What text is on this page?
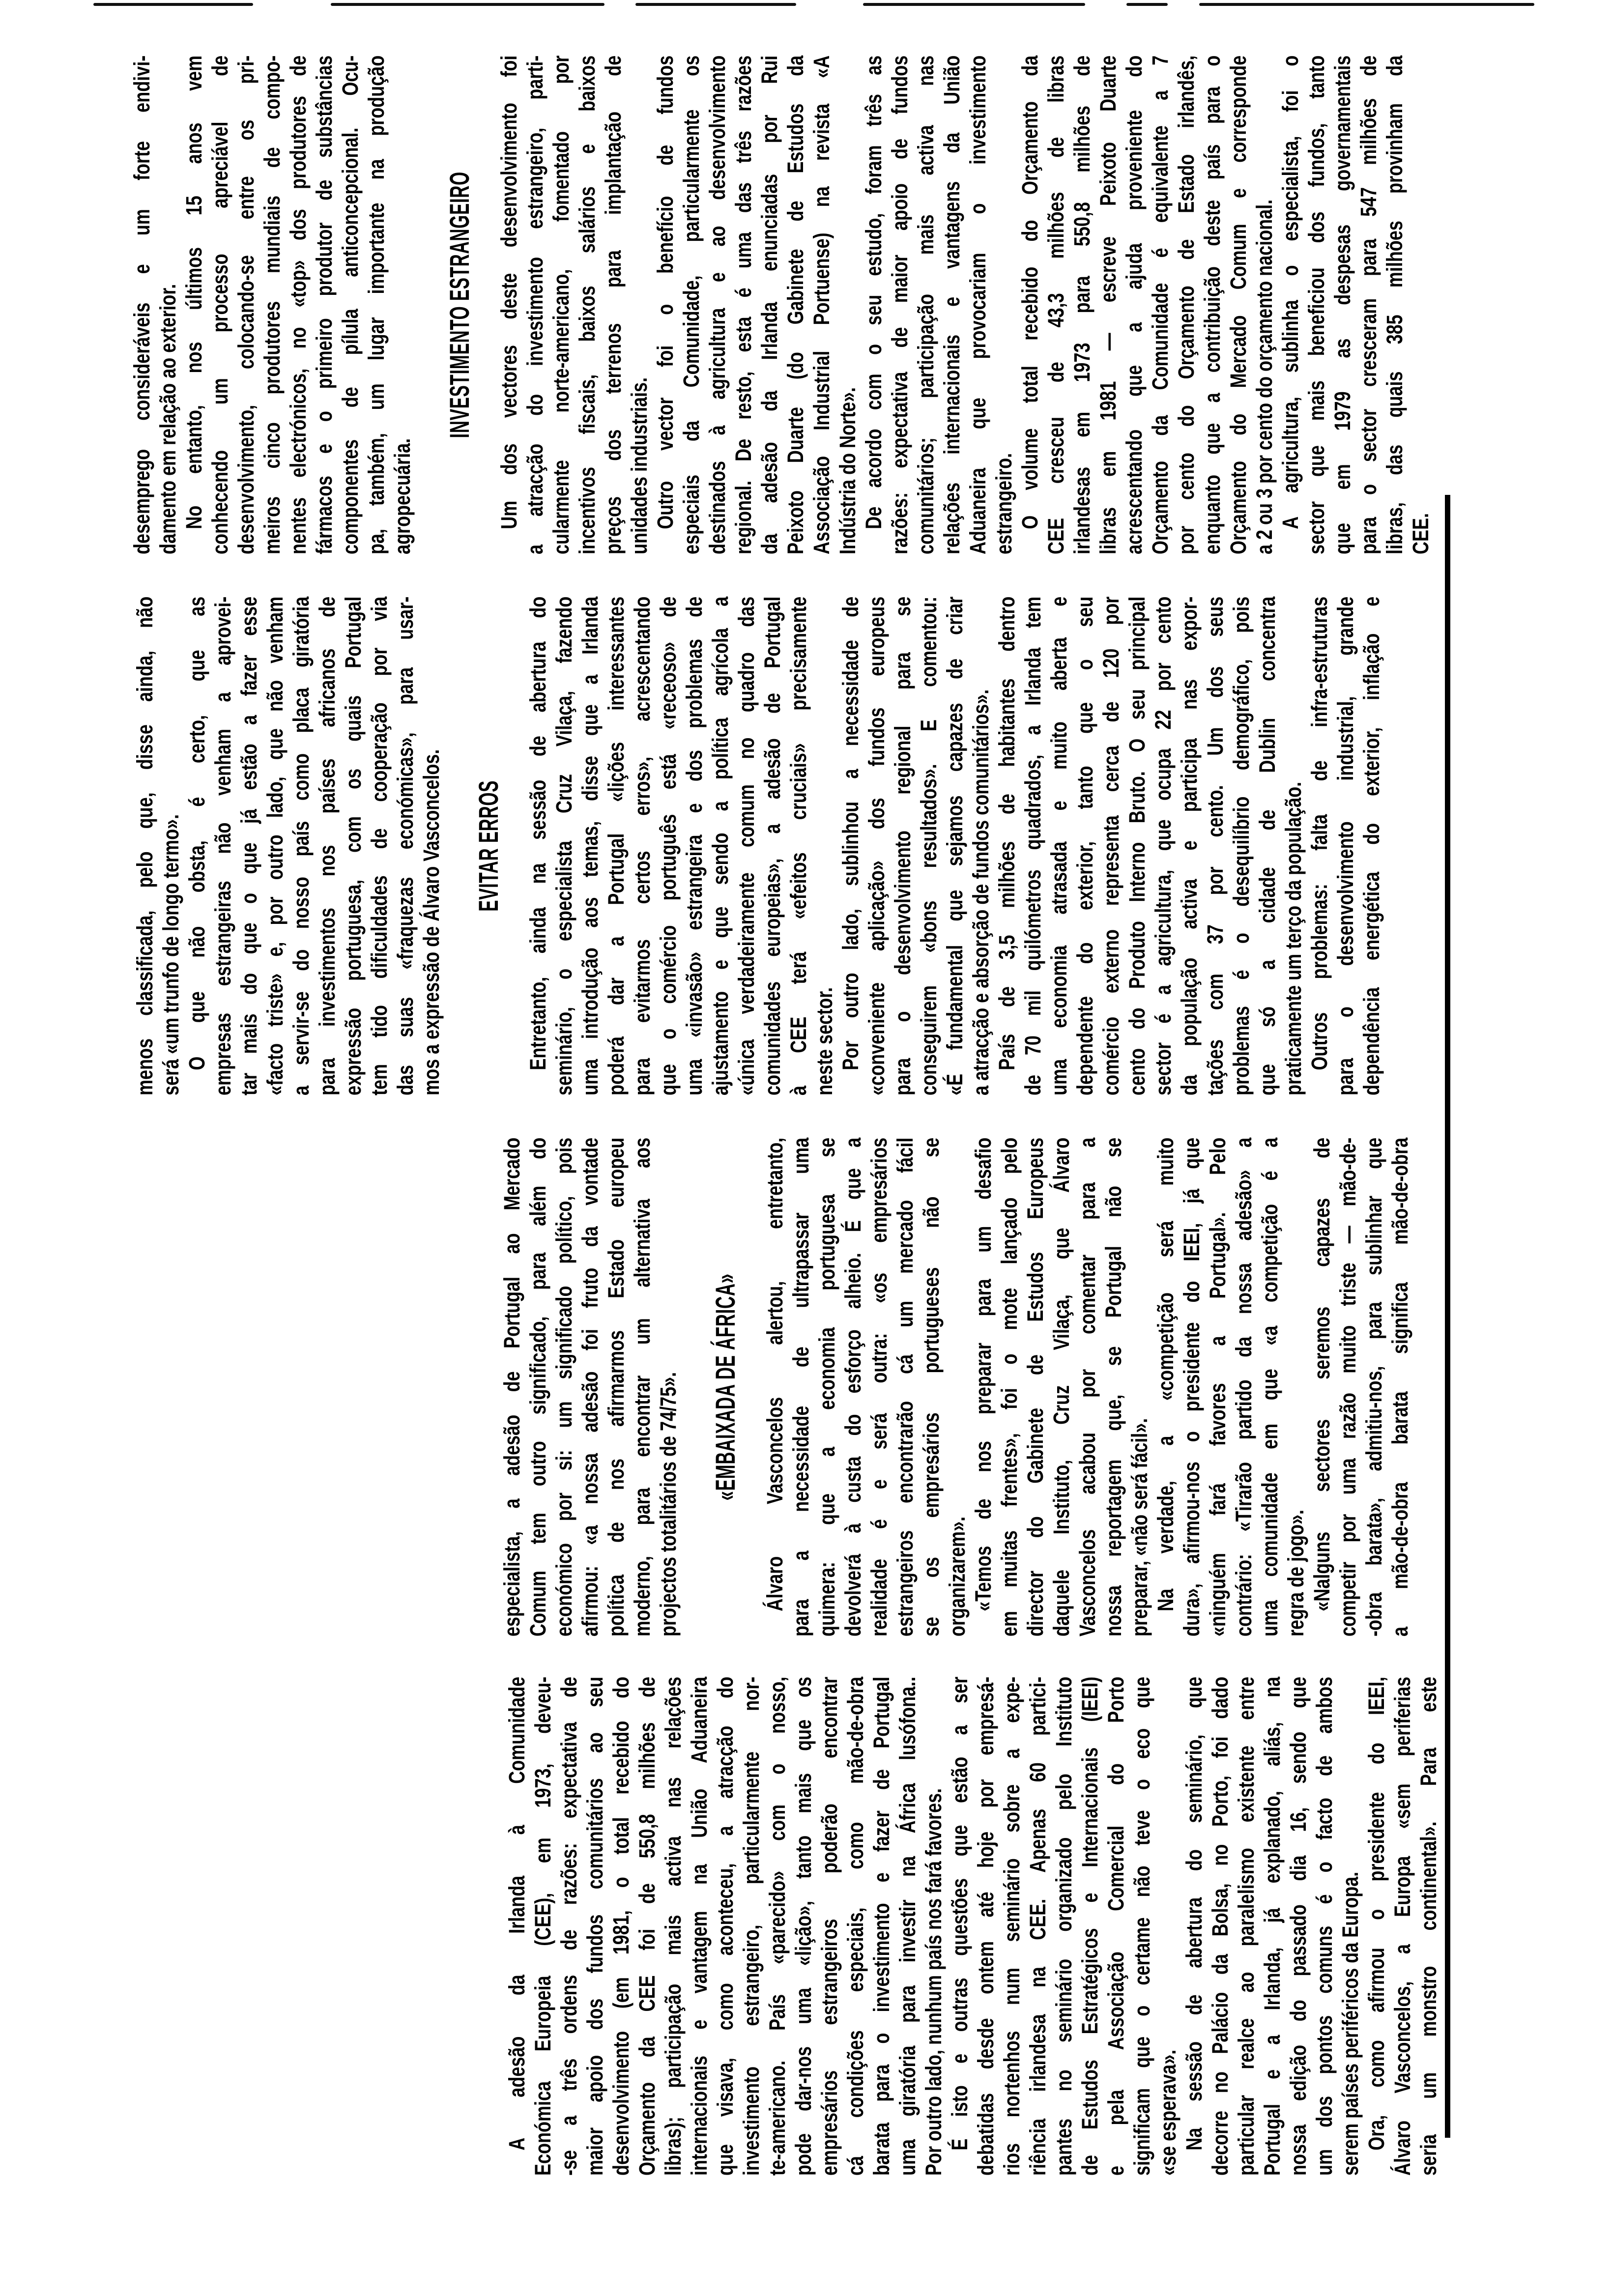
A adesão da Irlanda à Comunidade Económica Europeia (CEE), em 1973, deveu- -se a três ordens de razões: expectativa de maior apoio dos fundos comunitários ao seu desenvolvimento (em 1981, o total recebido do Orçamento da CEE foi de 550,8 milhões de libras); participação mais activa nas relações internacionais e vantagem na União Aduaneira que visava, como aconteceu, a atracção do investimento estrangeiro, particularmente nor- te-americano. País «parecido» com o nosso, pode dar-nos uma «lição», tanto mais que os empresários estrangeiros poderão encontrar cá condições especiais, como mão-de-obra barata para o investimento e fazer de Portugal uma giratória para investir na África lusófona.. Por outro lado, nunhum país nos fará favores. É isto e outras questões que estão a ser debatidas desde ontem até hoje por empresá- rios nortenhos num seminário sobre a expe- riência irlandesa na CEE. Apenas 60 partici- pantes no seminário organizado pelo Instituto de Estudos Estratégicos e Internacionais (IEEI) e pela Associação Comercial do Porto significam que o certame não teve o eco que «se esperava». Na sessão de abertura do seminário, que decorre no Palácio da Bolsa, no Porto, foi dado particular realce ao paralelismo existente entre Portugal e a Irlanda, já explanado, aliás, na nossa edição do passado dia 16, sendo que um dos pontos comuns é o facto de ambos serem países periféricos da Europa. Ora, como afirmou o presidente do IEEI, Álvaro Vasconcelos, a Europa «sem periferias seria um monstro continental». Para este
especialista, a adesão de Portugal ao Mercado Comum tem outro significado, para além do económico por si: um significado político, pois afirmou: «a nossa adesão foi fruto da vontade política de nos afirmarmos Estado europeu moderno, para encontrar um alternativa aos projectos totalitários de 74/75». «EMBAIXADA DE ÁFRICA» Álvaro Vasconcelos alertou, entretanto, para a necessidade de ultrapassar uma quimera: que a economia portuguesa se devolverá à custa do esforço alheio. É que a realidade é e será outra: «os empresários estrangeiros encontrarão cá um mercado fácil se os empresários portugueses não se organizarem». «Temos de nos preparar para um desafio em muitas frentes», foi o mote lançado pelo director do Gabinete de Estudos Europeus daquele Instituto, Cruz Vilaça, que Álvaro Vasconcelos acabou por comentar para a nossa reportagem que, se Portugal não se preparar, «não será fácil». Na verdade, a «competição será muito dura», afirmou-nos o presidente do IEEI, já que «ninguém fará favores a Portugal». Pelo contrário: «Tirarão partido da nossa adesão» a uma comunidade em que «a competição é a regra de jogo». «Nalguns sectores seremos capazes de competir por uma razão muito triste — mão-de- -obra barata», admitiu-nos, para sublinhar que a mão-de-obra barata significa mão-de-obra
menos classificada, pelo que, disse ainda, não será «um trunfo de longo termo». O que não obsta, é certo, que as empresas estrangeiras não venham a aprovei- tar mais do que o que já estão a fazer esse «facto triste» e, por outro lado, que não venham a servir-se do nosso país como placa giratória para investimentos nos países africanos de expressão portuguesa, com os quais Portugal tem tido dificuldades de cooperação por via das suas «fraquezas económicas», para usar- mos a expressão de Álvaro Vasconcelos. EVITAR ERROS Entretanto, ainda na sessão de abertura do seminário, o especialista Cruz Vilaça, fazendo uma introdução aos temas, disse que a Irlanda poderá dar a Portugal «lições interessantes para evitarmos certos erros», acrescentando que o comércio português está «receoso» de uma «invasão» estrangeira e dos problemas de ajustamento e que sendo a política agrícola a «única verdadeiramente comum no quadro das comunidades europeias», a adesão de Portugal à CEE terá «efeitos cruciais» precisamente neste sector. Por outro lado, sublinhou a necessidade de «conveniente aplicação» dos fundos europeus para o desenvolvimento regional para se conseguirem «bons resultados». E comentou: «É fundamental que sejamos capazes de criar a atracção e absorção de fundos comunitários». País de 3,5 milhões de habitantes dentro de 70 mil quilómetros quadrados, a Irlanda tem uma economia atrasada e muito aberta e dependente do exterior, tanto que o seu comércio externo representa cerca de 120 por cento do Produto Interno Bruto. O seu principal sector é a agricultura, que ocupa 22 por cento da população activa e participa nas expor- tações com 37 por cento. Um dos seus problemas é o desequilíbrio demográfico, pois que só a cidade de Dublin concentra praticamente um terço da população. Outros problemas: falta de infra-estruturas para o desenvolvimento industrial, grande dependência energética do exterior, inflação e
desemprego consideráveis e um forte endivi- damento em relação ao exterior. No entanto, nos últimos 15 anos vem conhecendo um processo apreciável de desenvolvimento, colocando-se entre os pri- meiros cinco produtores mundiais de compo- nentes electrónicos, no «top» dos produtores de fármacos e o primeiro produtor de substâncias componentes de pílula anticoncepcional. Ocu- pa, também, um lugar importante na produção agropecuária.
INVESTIMENTO ESTRANGEIRO Um dos vectores deste desenvolvimento foi a atracção do investimento estrangeiro, parti- cularmente norte-americano, fomentado por incentivos fiscais, baixos salários e baixos preços dos terrenos para implantação de unidades industriais. Outro vector foi o benefício de fundos especiais da Comunidade, particularmente os destinados à agricultura e ao desenvolvimento regional. De resto, esta é uma das três razões da adesão da Irlanda enunciadas por Rui Peixoto Duarte (do Gabinete de Estudos da Associação Industrial Portuense) na revista «A Indústria do Norte». De acordo com o seu estudo, foram três as razões: expectativa de maior apoio de fundos comunitários; participação mais activa nas relações internacionais e vantagens da União Aduaneira que provocariam o investimento estrangeiro. O volume total recebido do Orçamento da CEE cresceu de 43,3 milhões de libras irlandesas em 1973 para 550,8 milhões de libras em 1981 — escreve Peixoto Duarte acrescentando que a ajuda proveniente do Orçamento da Comunidade é equivalente a 7 por cento do Orçamento de Estado irlandês, enquanto que a contribuição deste país para o Orçamento do Mercado Comum e corresponde a 2 ou 3 por cento do orçamento nacional. A agricultura, sublinha o especialista, foi o sector que mais beneficiou dos fundos, tanto que em 1979 as despesas governamentais para o sector cresceram para 547 milhões de libras, das quais 385 milhões provinham da CEE.
